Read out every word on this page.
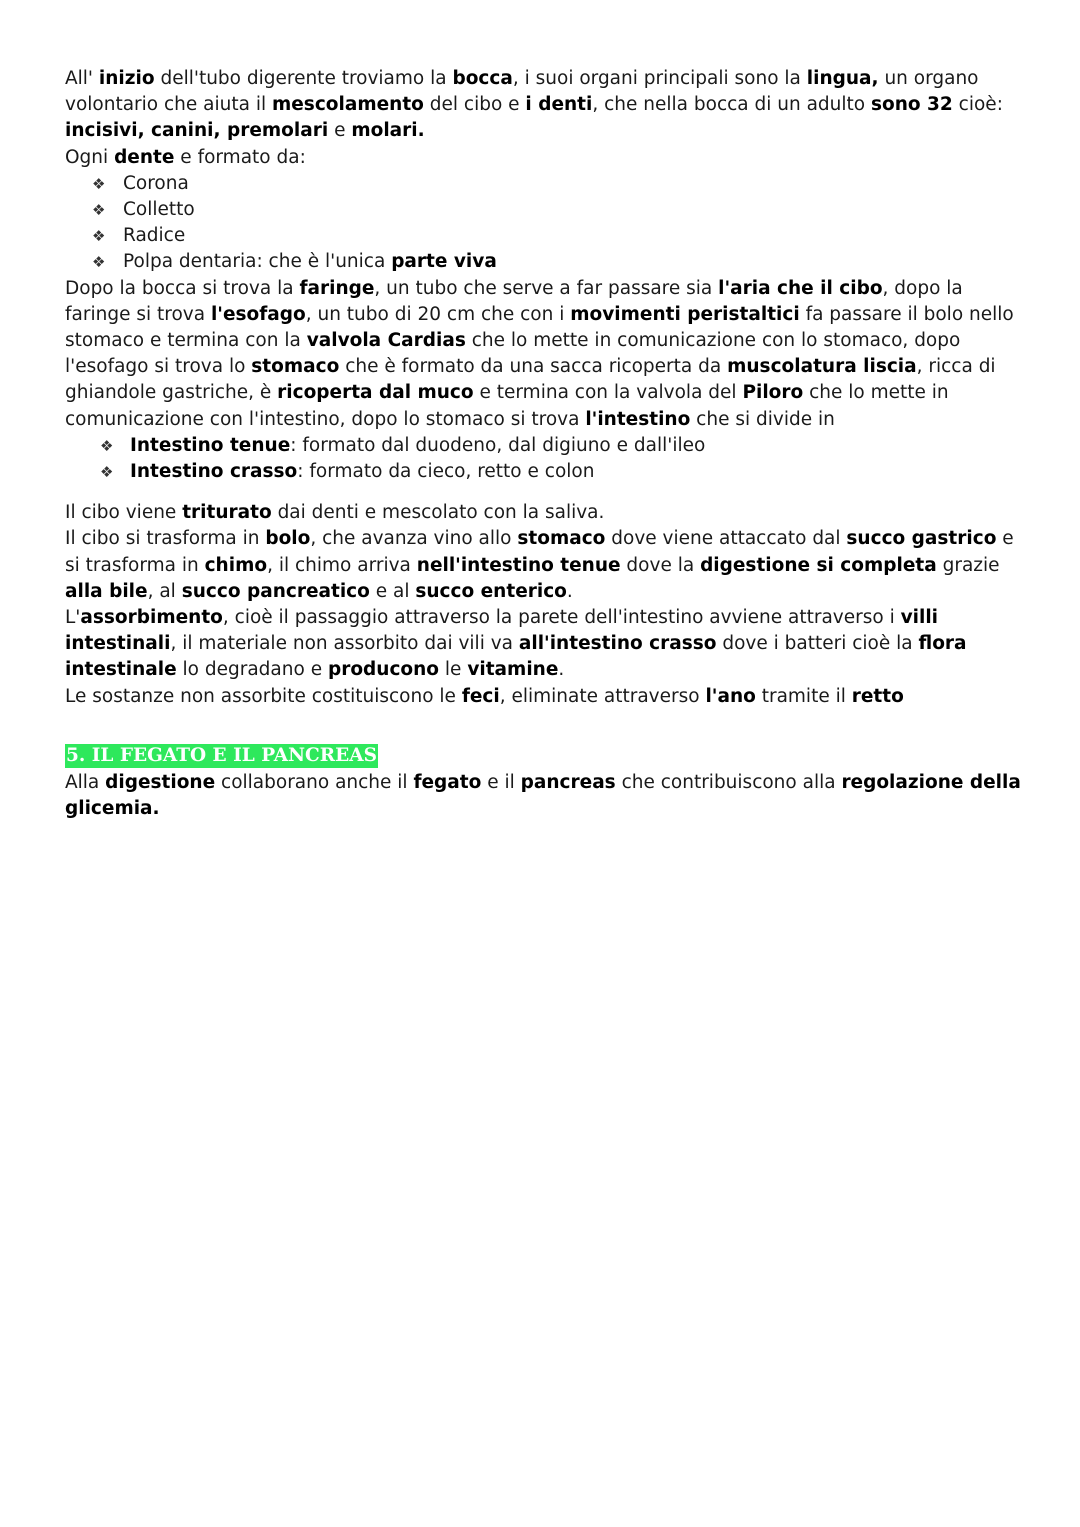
All' inizio dell'tubo digerente troviamo la bocca, i suoi organi principali sono la lingua, un organo volontario che aiuta il mescolamento del cibo e i denti, che nella bocca di un adulto sono 32 cioè: incisivi, canini, premolari e molari.

Ogni dente e formato da:

❖ Corona
❖ Colletto
❖ Radice
❖ Polpa dentaria: che è l'unica parte viva

Dopo la bocca si trova la faringe, un tubo che serve a far passare sia l'aria che il cibo, dopo la faringe si trova l'esofago, un tubo di 20 cm che con i movimenti peristaltici fa passare il bolo nello stomaco e termina con la valvola Cardias che lo mette in comunicazione con lo stomaco, dopo l'esofago si trova lo stomaco che è formato da una sacca ricoperta da muscolatura liscia, ricca di ghiandole gastriche, è ricoperta dal muco e termina con la valvola del Piloro che lo mette in comunicazione con l'intestino, dopo lo stomaco si trova l'intestino che si divide in

❖ Intestino tenue: formato dal duodeno, dal digiuno e dall'ileo
❖ Intestino crasso: formato da cieco, retto e colon

Il cibo viene triturato dai denti e mescolato con la saliva.

Il cibo si trasforma in bolo, che avanza vino allo stomaco dove viene attaccato dal succo gastrico e si trasforma in chimo, il chimo arriva nell'intestino tenue dove la digestione si completa grazie alla bile, al succo pancreatico e al succo enterico.

L'assorbimento, cioè il passaggio attraverso la parete dell'intestino avviene attraverso i villi intestinali, il materiale non assorbito dai vili va all'intestino crasso dove i batteri cioè la flora intestinale lo degradano e producono le vitamine.

Le sostanze non assorbite costituiscono le feci, eliminate attraverso l'ano tramite il retto

5. IL FEGATO E IL PANCREAS

Alla digestione collaborano anche il fegato e il pancreas che contribuiscono alla regolazione della glicemia.
